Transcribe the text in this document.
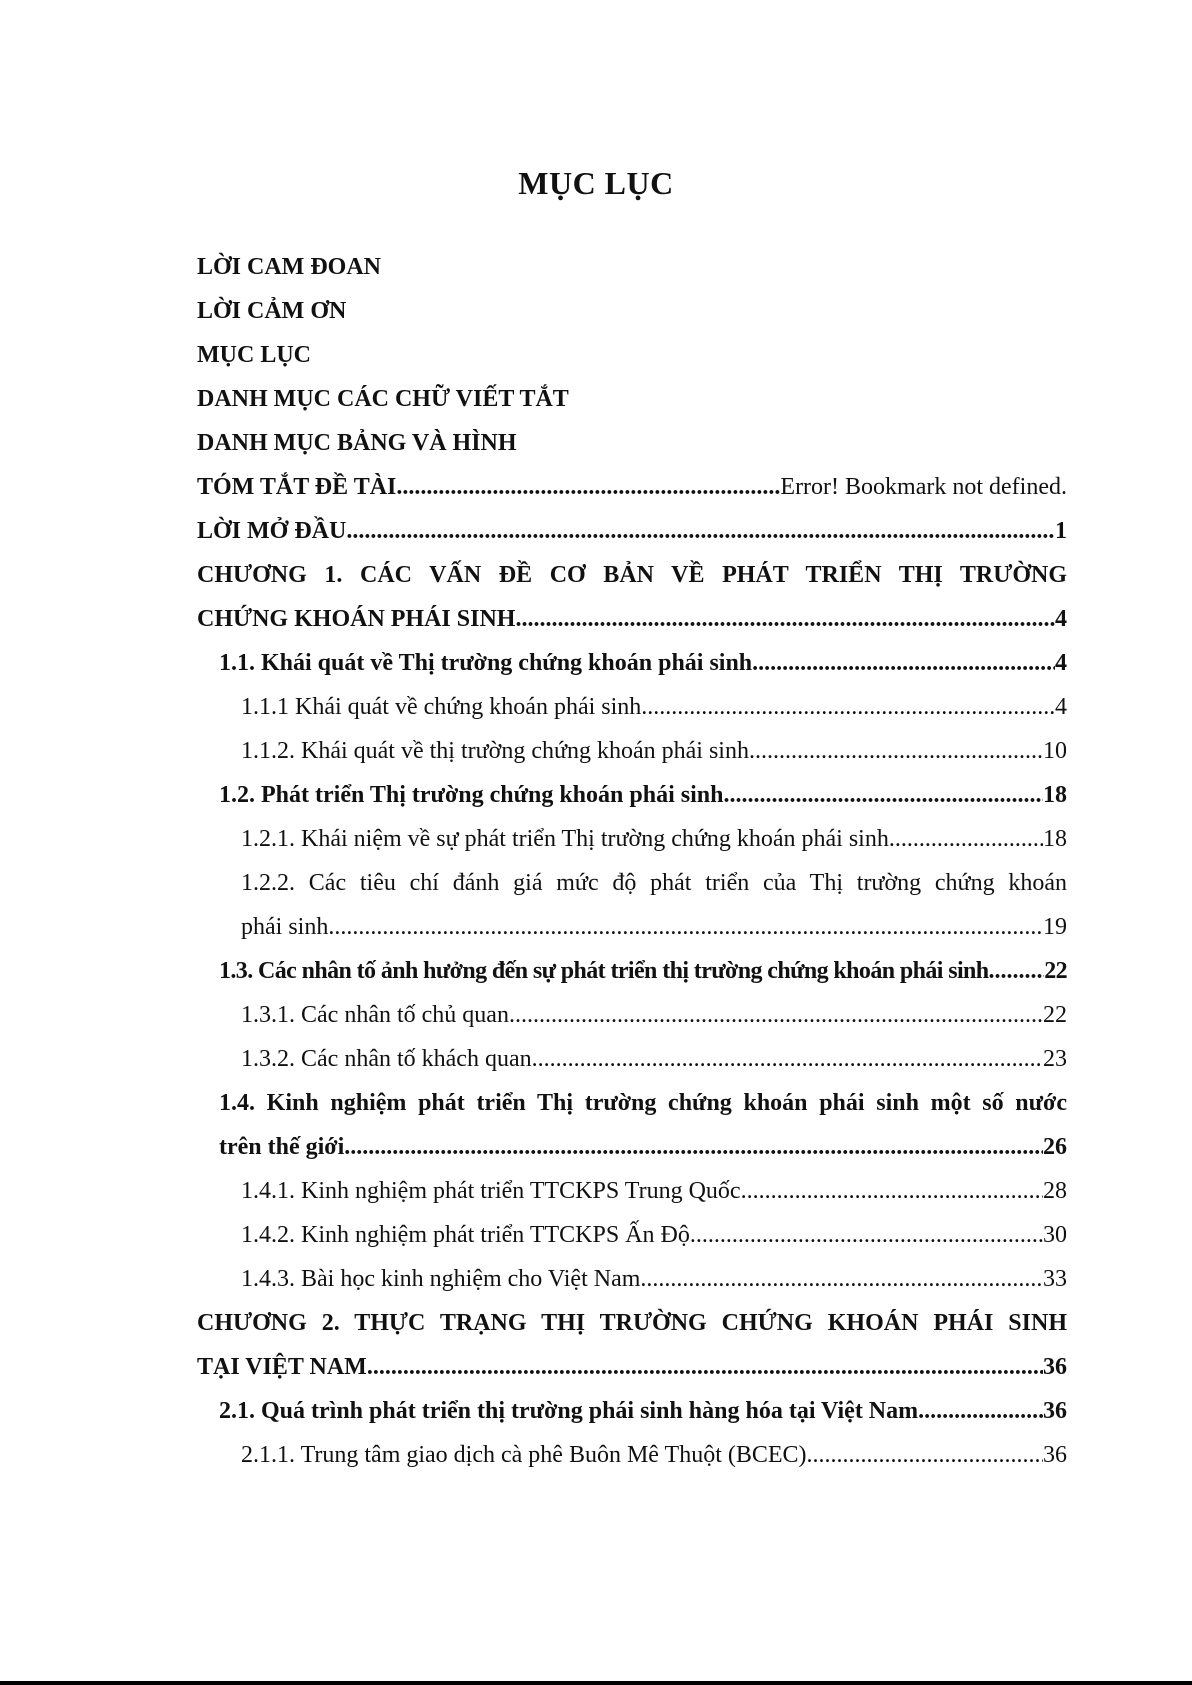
MỤC LỤC
LỜI CAM ĐOAN
LỜI CẢM ƠN
MỤC LỤC
DANH MỤC CÁC CHỮ VIẾT TẮT
DANH MỤC BẢNG VÀ HÌNH
TÓM TẮT ĐỀ TÀI .....	Error! Bookmark not defined.
LỜI MỞ ĐẦU .....	1
CHƯƠNG 1. CÁC VẤN ĐỀ CƠ BẢN VỀ PHÁT TRIỂN THỊ TRƯỜNG
CHỨNG KHOÁN PHÁI SINH .....	4
1.1. Khái quát về Thị trường chứng khoán phái sinh .....	4
1.1.1 Khái quát về chứng khoán phái sinh .....	4
1.1.2. Khái quát về thị trường chứng khoán phái sinh .....	10
1.2. Phát triển Thị trường chứng khoán phái sinh .....	18
1.2.1. Khái niệm về sự phát triển Thị trường chứng khoán phái sinh .....	18
1.2.2. Các tiêu chí đánh giá mức độ phát triển của Thị trường chứng khoán
phái sinh .....	19
1.3. Các nhân tố ảnh hưởng đến sự phát triển thị trường chứng khoán phái sinh ..... 22
1.3.1. Các nhân tố chủ quan .....	22
1.3.2. Các nhân tố khách quan .....	23
1.4. Kinh nghiệm phát triển Thị trường chứng khoán phái sinh một số nước
trên thế giới .....	26
1.4.1. Kinh nghiệm phát triển TTCKPS Trung Quốc .....	28
1.4.2. Kinh nghiệm phát triển TTCKPS Ấn Độ .....	30
1.4.3. Bài học kinh nghiệm cho Việt Nam .....	33
CHƯƠNG 2. THỰC TRẠNG THỊ TRƯỜNG CHỨNG KHOÁN PHÁI SINH
TẠI VIỆT NAM .....	36
2.1. Quá trình phát triển thị trường phái sinh hàng hóa tại Việt Nam .....	36
2.1.1. Trung tâm giao dịch cà phê Buôn Mê Thuột (BCEC) .....	36
